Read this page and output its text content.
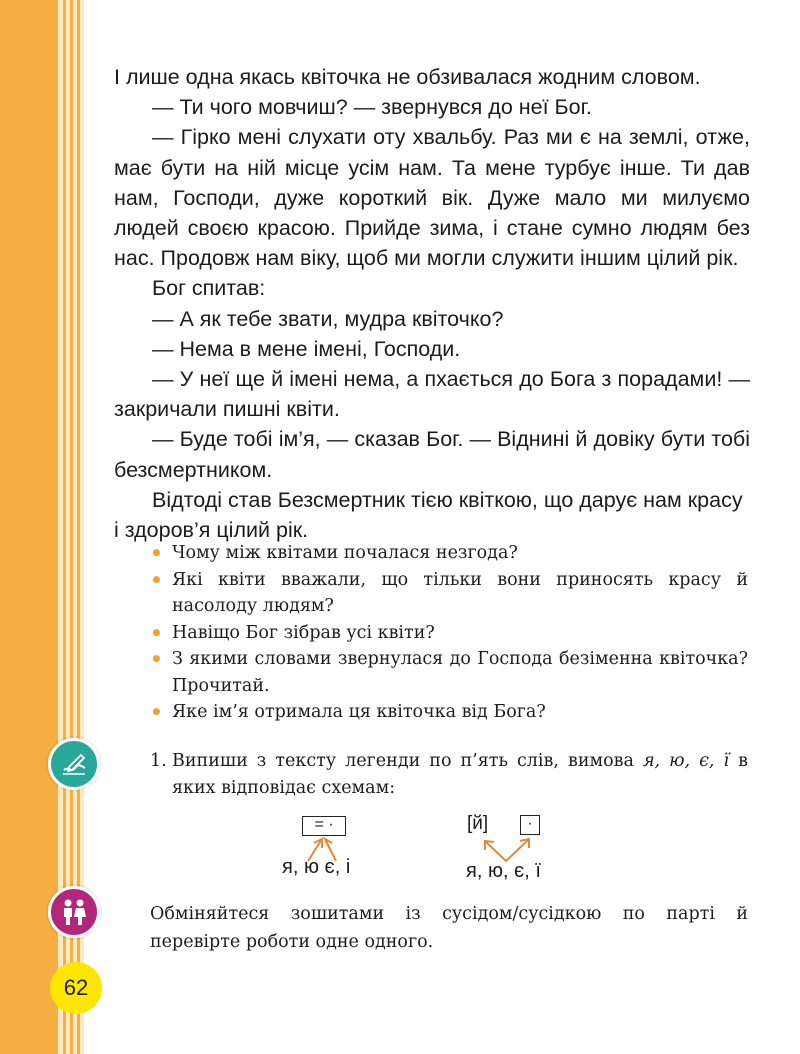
І лише одна якась квіточка не обзивалася жодним словом.

— Ти чого мовчиш? — звернувся до неї Бог.

— Гірко мені слухати оту хвальбу. Раз ми є на землі, отже, має бути на ній місце усім нам. Та мене турбує інше. Ти дав нам, Господи, дуже короткий вік. Дуже мало ми милуємо людей своєю красою. Прийде зима, і стане сумно людям без нас. Продовж нам віку, щоб ми могли служити іншим цілий рік.

Бог спитав:

— А як тебе звати, мудра квіточко?

— Нема в мене імені, Господи.

— У неї ще й імені нема, а пхається до Бога з порадами! — закричали пишні квіти.

— Буде тобі ім’я, — сказав Бог. — Віднині й довіку бути тобі безсмертником.

Відтоді став Безсмертник тією квіткою, що дарує нам красу і здоров’я цілий рік.

• Чому між квітами почалася незгода?
• Які квіти вважали, що тільки вони приносять красу й насолоду людям?
• Навіщо Бог зібрав усі квіти?
• З якими словами звернулася до Господа безіменна квіточка? Прочитай.
• Яке ім’я отримала ця квіточка від Бога?
1. Випиши з тексту легенди по п’ять слів, вимова я, ю, є, ї в яких відповідає схемам:
= ·
я, ю є, і
[й]	·
я, ю, є, ї
Обміняйтеся зошитами із сусідом/сусідкою по парті й перевірте роботи одне одного.
62
